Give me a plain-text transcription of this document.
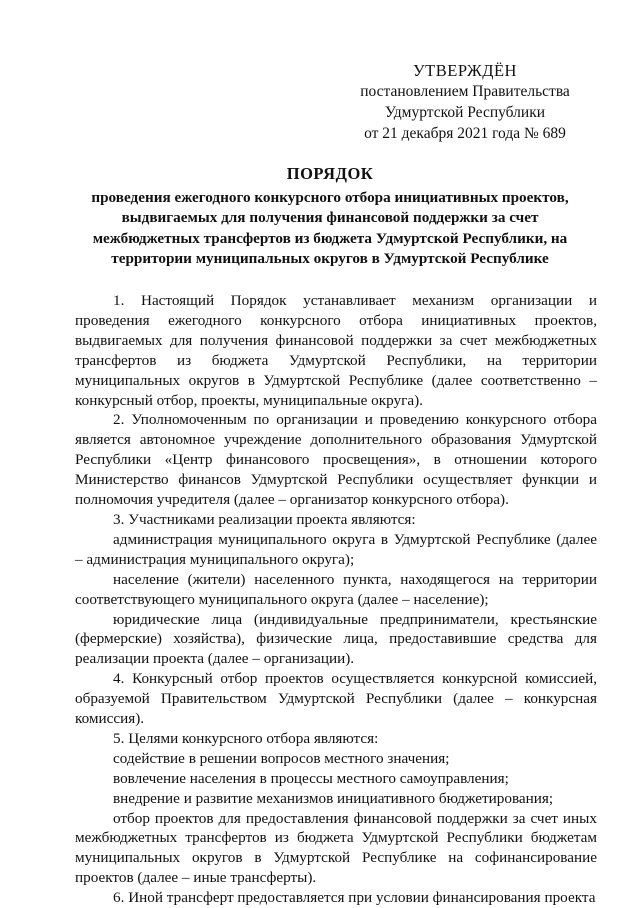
УТВЕРЖДЁН
постановлением Правительства
Удмуртской Республики
от 21 декабря 2021 года № 689
ПОРЯДОК
проведения ежегодного конкурсного отбора инициативных проектов, выдвигаемых для получения финансовой поддержки за счет межбюджетных трансфертов из бюджета Удмуртской Республики, на территории муниципальных округов в Удмуртской Республике

1. Настоящий Порядок устанавливает механизм организации и проведения ежегодного конкурсного отбора инициативных проектов, выдвигаемых для получения финансовой поддержки за счет межбюджетных трансфертов из бюджета Удмуртской Республики, на территории муниципальных округов в Удмуртской Республике (далее соответственно – конкурсный отбор, проекты, муниципальные округа).

2. Уполномоченным по организации и проведению конкурсного отбора является автономное учреждение дополнительного образования Удмуртской Республики «Центр финансового просвещения», в отношении которого Министерство финансов Удмуртской Республики осуществляет функции и полномочия учредителя (далее – организатор конкурсного отбора).

3. Участниками реализации проекта являются:

администрация муниципального округа в Удмуртской Республике (далее – администрация муниципального округа);

население (жители) населенного пункта, находящегося на территории соответствующего муниципального округа (далее – население);

юридические лица (индивидуальные предприниматели, крестьянские (фермерские) хозяйства), физические лица, предоставившие средства для реализации проекта (далее – организации).

4. Конкурсный отбор проектов осуществляется конкурсной комиссией, образуемой Правительством Удмуртской Республики (далее – конкурсная комиссия).

5. Целями конкурсного отбора являются:

содействие в решении вопросов местного значения;

вовлечение населения в процессы местного самоуправления;

внедрение и развитие механизмов инициативного бюджетирования;

отбор проектов для предоставления финансовой поддержки за счет иных межбюджетных трансфертов из бюджета Удмуртской Республики бюджетам муниципальных округов в Удмуртской Республике на софинансирование проектов (далее – иные трансферты).

6. Иной трансферт предоставляется при условии финансирования проекта
